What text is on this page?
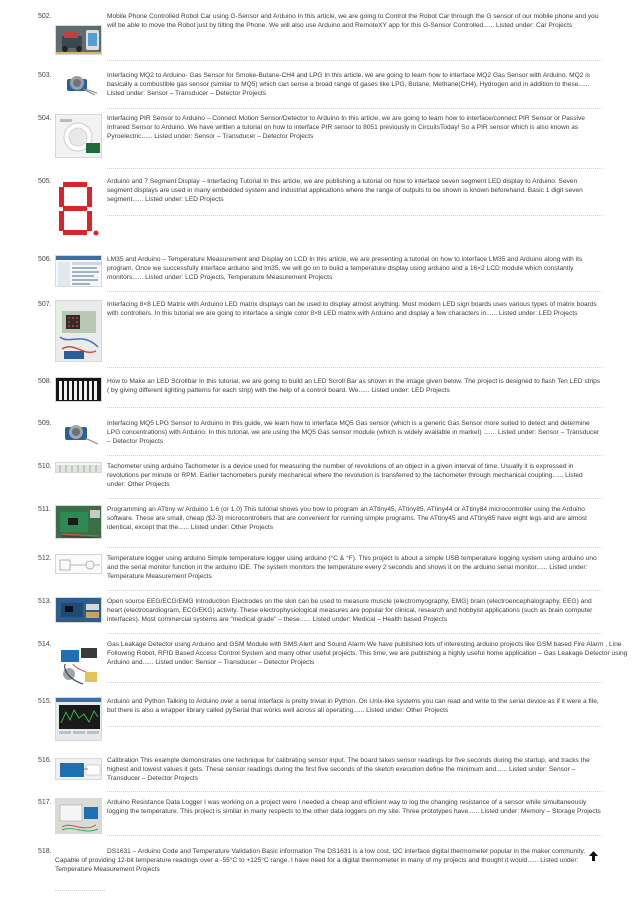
502.	Mobile Phone Controlled Robot Car using G-Sensor and Arduino In this article, we are going to Control the Robot Car through the G sensor of our mobile phone and you will be able to move the Robot just by tilting the Phone. We will also use Arduino and RemoteXY app for this G-Sensor Controlled...... Listed under: Car Projects

503.	Interfacing MQ2 to Arduino- Gas Sensor for Smoke-Butane-CH4 and LPG In this article, we are going to learn how to interface MQ2 Gas Sensor with Arduino. MQ2 is basically a combustible gas sensor (similar to MQ5) which can sense a broad range of gases like LPG, Butane, Methane(CH4), Hydrogen and in addition to these...... Listed under: Sensor – Transducer – Detector Projects

504.	Interfacing PIR Sensor to Arduino – Connect Motion Sensor/Detector to Arduino In this article, we are going to learn how to interface/connect PIR Sensor or Passive Infrared Sensor to Arduino. We have written a tutorial on how to interface PIR sensor to 8051 previously in CircuitsToday! So a PIR sensor which is also known as Pyroelectric...... Listed under: Sensor – Transducer – Detector Projects

505.	Arduino and 7 Segment Display – Interfacing Tutorial In this article, we are publishing a tutorial on how to interface seven segment LED display to Arduino. Seven segment displays are used in many embedded system and industrial applications where the range of outputs to be shown is known beforehand. Basic 1 digit seven segment...... Listed under: LED Projects

506.	LM35 and Arduino – Temperature Measurement and Display on LCD In this article, we are presenting a tutorial on how to interface LM35 and Arduino along with its program. Once we successfully interface arduino and lm35, we will go on to build a temperature display using arduino and a 16×2 LCD module which constantly monitors...... Listed under: LCD Projects, Temperature Measurement Projects

507.	Interfacing 8×8 LED Matrix with Arduino LED matrix displays can be used to display almost anything. Most modern LED sign boards uses various types of matrix boards with controllers. In this tutorial we are going to interface a single color 8×8 LED matrix with Arduino and display a few characters in...... Listed under: LED Projects

508.	How to Make an LED Scrollbar In this tutorial, we are going to build an LED Scroll Bar as shown in the image given below. The project is designed to flash Ten LED strips ( by giving different lighting patterns for each strip) with the help of a control board. We...... Listed under: LED Projects

509.	Interfacing MQ5 LPG Sensor to Arduino In this guide, we learn how to interface MQ5 Gas sensor (which is a generic Gas Sensor more suited to detect and determine LPG concentrations) with Arduino. In this tutorial, we are using the MQ5 Gas sensor module (which is widely available in market) ....... Listed under: Sensor – Transducer – Detector Projects

510.	Tachometer using arduino Tachometer is a device used for measuring the number of revolutions of an object in a given interval of time. Usually it is expressed in revolutions per minute or RPM. Earlier tachometers purely mechanical where the revolution is transferred to the tachometer through mechanical coupling...... Listed under: Other Projects

511.	Programming an ATtiny w/ Arduino 1.6 (or 1.0) This tutorial shows you how to program an ATtiny45, ATtiny85, ATtiny44 or ATtiny84 microcontroller using the Arduino software. These are small, cheap ($2-3) microcontrollers that are convenient for running simple programs. The ATtiny45 and ATtiny85 have eight legs and are almost identical, except that the...... Listed under: Other Projects

512.	Temperature logger using arduino Simple temperature logger using arduino (°C & °F). This project is about a simple USB temperature logging system using arduino uno and the serial monitor function in the arduino IDE. The system monitors the temperature every 2 seconds and shows it on the arduino serial monitor...... Listed under: Temperature Measurement Projects

513.	Open source EEG/ECG/EMG Introduction Electrodes on the skin can be used to measure muscle (electromyography, EMG) brain (electroencephalography, EEG) and heart (electrocardiogram, ECG/EKG) activity. These electrophysiological measures are popular for clinical, research and hobbyist applications (such as brain computer interfaces). Most commercial systems are “medical grade” – these...... Listed under: Medical – Health based Projects

514.	Gas Leakage Detector using Arduino and GSM Module with SMS Alert and Sound Alarm We have published lots of interesting arduino projects like GSM based Fire Alarm , Line Following Robot, RFID Based Access Control System and many other useful projects. This time, we are publishing a highly useful home application – Gas Leakage Detector using Arduino and...... Listed under: Sensor – Transducer – Detector Projects

515.	Arduino and Python Talking to Arduino over a serial interface is pretty trivial in Python. On Unix-like systems you can read and write to the serial device as if it were a file, but there is also a wrapper library called pySerial that works well across all operating...... Listed under: Other Projects

516.	Calibration This example demonstrates one technique for calibrating sensor input. The board takes sensor readings for five seconds during the startup, and tracks the highest and lowest values it gets. These sensor readings during the first five seconds of the sketch execution define the minimum and...... Listed under: Sensor – Transducer – Detector Projects

517.	Arduino Resistance Data Logger I was working on a project were I needed a cheap and efficient way to log the changing resistance of a sensor while simultaneously logging the temperature. This project is similar in many respects to the other data loggers on my site. Three prototypes have...... Listed under: Memory – Storage Projects

518.	DS1631 – Arduino Code and Temperature Validation Basic information The DS1631 is a low cost, I2C interface digital thermometer popular in the maker community. Capable of providing 12-bit temperature readings over a -55°C to +125°C range. I have need for a digital thermometer in many of my projects and thought it would...... Listed under: Temperature Measurement Projects
